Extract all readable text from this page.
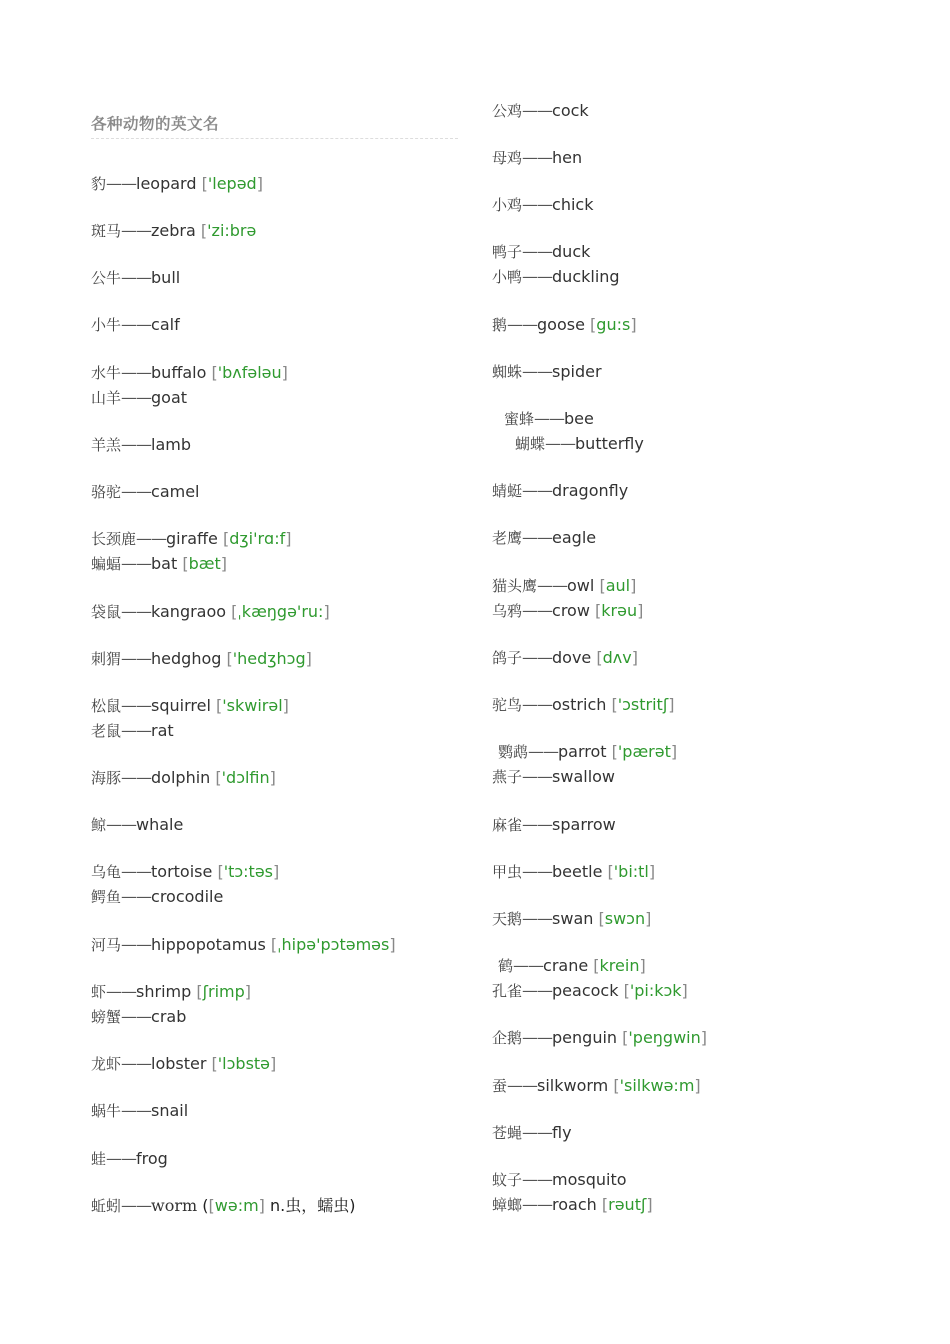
各种动物的英文名
豹——leopard ['lepəd]
斑马——zebra ['zi:brə
公牛——bull
小牛——calf
水牛——buffalo ['bʌfələu]
山羊——goat
羊羔——lamb
骆驼——camel
长颈鹿——giraffe [dʒi'rɑ:f]
蝙蝠——bat [bæt]
袋鼠——kangraoo [ˌkæŋgə'ru:]
刺猬——hedghog ['hedʒhɔg]
松鼠——squirrel ['skwirəl]
老鼠——rat
海豚——dolphin ['dɔlfin]
鲸——whale
乌龟——tortoise ['tɔ:təs]
鳄鱼——crocodile
河马——hippopotamus [ˌhipə'pɔtəməs]
虾——shrimp [ʃrimp]
螃蟹——crab
龙虾——lobster ['lɔbstə]
蜗牛——snail
蛙——frog
蚯蚓——worm ([wə:m] n.虫，蠕虫)
公鸡——cock
母鸡——hen
小鸡——chick
鸭子——duck
小鸭——duckling
鹅——goose [gu:s]
蜘蛛——spider
蜜蜂——bee
蝴蝶——butterfly
蜻蜓——dragonfly
老鹰——eagle
猫头鹰——owl [aul]
乌鸦——crow [krəu]
鸽子——dove [dʌv]
驼鸟——ostrich ['ɔstritʃ]
鹦鹉——parrot ['pærət]
燕子——swallow
麻雀——sparrow
甲虫——beetle ['bi:tl]
天鹅——swan [swɔn]
鹤——crane [krein]
孔雀——peacock ['pi:kɔk]
企鹅——penguin ['peŋgwin]
蚕——silkworm ['silkwə:m]
苍蝇——fly
蚊子——mosquito
蟑螂——roach [rəutʃ]
